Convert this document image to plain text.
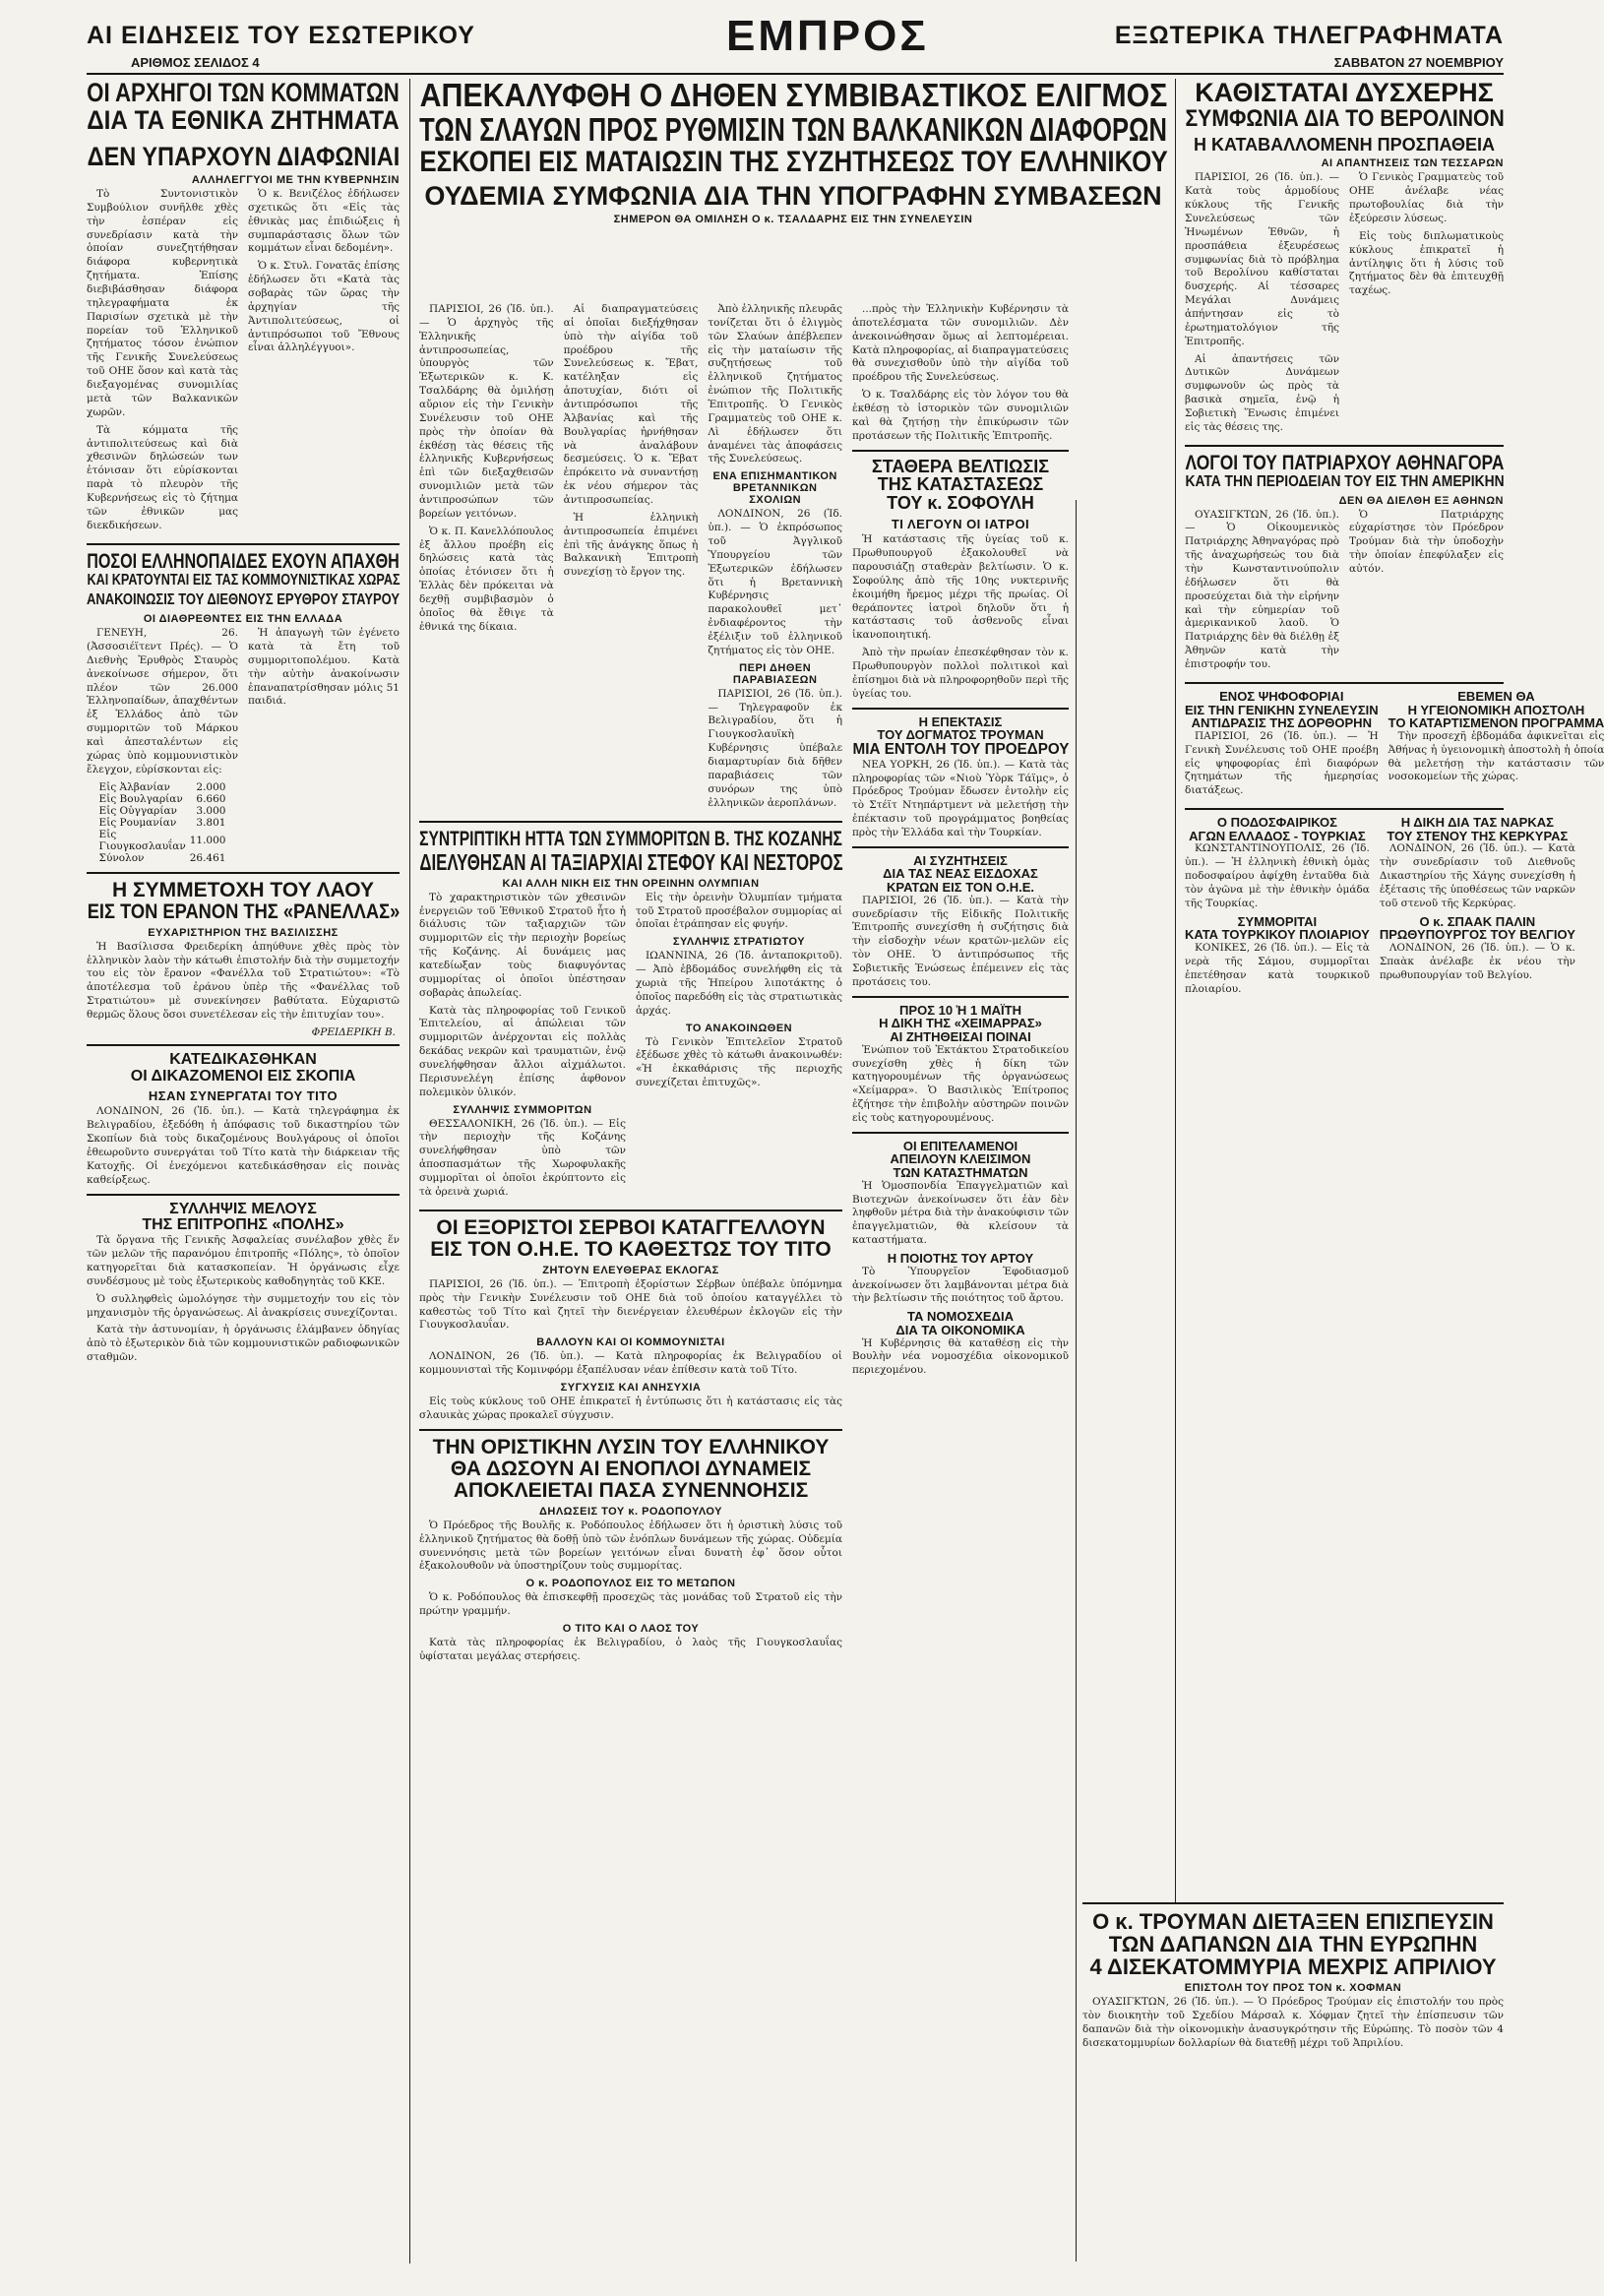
ΑΙ ΕΙΔΗΣΕΙΣ ΤΟΥ ΕΣΩΤΕΡΙΚΟΥ	ΕΜΠΡΟΣ	ΕΞΩΤΕΡΙΚΑ ΤΗΛΕΓΡΑΦΗΜΑΤΑ
ΑΡΙΘΜΟΣ ΣΕΛΙΔΟΣ 4	ΣΑΒΒΑΤΟΝ 27 ΝΟΕΜΒΡΙΟΥ
ΟΙ ΑΡΧΗΓΟΙ ΤΩΝ ΚΟΜΜΑΤΩΝ
ΔΙΑ ΤΑ ΕΘΝΙΚΑ ΖΗΤΗΜΑΤΑ
ΔΕΝ ΥΠΑΡΧΟΥΝ ΔΙΑΦΩΝΙΑΙ
ΑΛΛΗΛΕΓΓΥΟΙ ΜΕ ΤΗΝ ΚΥΒΕΡΝΗΣΙΝ

Τὸ Συντονιστικὸν Συμβούλιον συνῆλθε χθὲς τὴν ἑσπέραν εἰς συνεδρίασιν κατὰ τὴν ὁποίαν συνεζητήθησαν διάφορα κυβερνητικὰ ζητήματα. Ἐπίσης διεβιβάσθησαν διάφορα τηλεγραφήματα ἐκ Παρισίων σχετικὰ μὲ τὴν πορείαν τοῦ Ἑλληνικοῦ ζητήματος τόσον ἐνώπιον τῆς Γενικῆς Συνελεύσεως τοῦ ΟΗΕ ὅσον καὶ κατὰ τὰς διεξαγομένας συνομιλίας μετὰ τῶν Βαλκανικῶν χωρῶν.

Τὰ κόμματα τῆς ἀντιπολιτεύσεως καὶ διὰ χθεσινῶν δηλώσεών των ἐτόνισαν ὅτι εὑρίσκονται παρὰ τὸ πλευρὸν τῆς Κυβερνήσεως εἰς τὸ ζήτημα τῶν ἐθνικῶν μας διεκδικήσεων.

Ὁ κ. Βενιζέλος ἐδήλωσεν σχετικῶς ὅτι «Εἰς τὰς ἐθνικὰς μας ἐπιδιώξεις ἡ συμπαράστασις ὅλων τῶν κομμάτων εἶναι δεδομένη».

Ὁ κ. Στυλ. Γονατᾶς ἐπίσης ἐδήλωσεν ὅτι «Κατὰ τὰς σοβαρὰς τῶν ὥρας τὴν ἀρχηγίαν τῆς Ἀντιπολιτεύσεως, οἱ ἀντιπρόσωποι τοῦ Ἔθνους εἶναι ἀλληλέγγυοι».

ΠΟΣΟΙ ΕΛΛΗΝΟΠΑΙΔΕΣ ΕΧΟΥΝ ΑΠΑΧΘΗ
ΚΑΙ ΚΡΑΤΟΥΝΤΑΙ ΕΙΣ ΤΑΣ ΚΟΜΜΟΥΝΙΣΤΙΚΑΣ ΧΩΡΑΣ
ΑΝΑΚΟΙΝΩΣΙΣ ΤΟΥ ΔΙΕΘΝΟΥΣ ΕΡΥΘΡΟΥ ΣΤΑΥΡΟΥ
ΟΙ ΔΙΑΘΡΕΘΝΤΕΣ ΕΙΣ ΤΗΝ ΕΛΛΑΔΑ

ΓΕΝΕΥΗ, 26. (Ἀσσοσιέϊτεντ Πρές). — Ὁ Διεθνὴς Ἐρυθρὸς Σταυρὸς ἀνεκοίνωσε σήμερον, ὅτι πλέον τῶν 26.000 Ἑλληνοπαίδων, ἀπαχθέντων ἐξ Ἑλλάδος ἀπὸ τῶν συμμοριτῶν τοῦ Μάρκου καὶ ἀπεσταλέντων εἰς χώρας ὑπὸ κομμουνιστικὸν ἔλεγχον, εὑρίσκονται εἰς:

Εἰς Ἀλβανίαν	2.000
Εἰς Βουλγαρίαν	6.660
Εἰς Οὑγγαρίαν	3.000
Εἰς Ρουμανίαν	3.801
Εἰς Γιουγκοσλαυΐαν	11.000
Σύνολον	26.461

Ἡ ἀπαγωγὴ τῶν ἐγένετο κατὰ τὰ ἔτη τοῦ συμμοριτοπολέμου. Κατὰ τὴν αὐτὴν ἀνακοίνωσιν ἐπαναπατρίσθησαν μόλις 51 παιδιά.

Η ΣΥΜΜΕΤΟΧΗ ΤΟΥ ΛΑΟΥ
ΕΙΣ ΤΟΝ ΕΡΑΝΟΝ ΤΗΣ «ΡΑΝΕΛΛΑΣ»
ΕΥΧΑΡΙΣΤΗΡΙΟΝ ΤΗΣ ΒΑΣΙΛΙΣΣΗΣ

Ἡ Βασίλισσα Φρειδερίκη ἀπηύθυνε χθὲς πρὸς τὸν ἑλληνικὸν λαὸν τὴν κάτωθι ἐπιστολήν διὰ τὴν συμμετοχήν του εἰς τὸν ἔρανον «Φανέλλα τοῦ Στρατιώτου»: «Τὸ ἀποτέλεσμα τοῦ ἐράνου ὑπὲρ τῆς «Φανέλλας τοῦ Στρατιώτου» μὲ συνεκίνησεν βαθύτατα. Εὐχαριστῶ θερμῶς ὅλους ὅσοι συνετέλεσαν εἰς τὴν ἐπιτυχίαν του».

ΦΡΕΙΔΕΡΙΚΗ Β.
ΚΑΤΕΔΙΚΑΣΘΗΚΑΝ
ΟΙ ΔΙΚΑΖΟΜΕΝΟΙ ΕΙΣ ΣΚΟΠΙΑ
ΗΣΑΝ ΣΥΝΕΡΓΑΤΑΙ ΤΟΥ ΤΙΤΟ

ΛΟΝΔΙΝΟΝ, 26 (Ἰδ. ὑπ.). — Κατὰ τηλεγράφημα ἐκ Βελιγραδίου, ἐξεδόθη ἡ ἀπόφασις τοῦ δικαστηρίου τῶν Σκοπίων διὰ τοὺς δικαζομένους Βουλγάρους οἱ ὁποῖοι ἐθεωροῦντο συνεργάται τοῦ Τίτο κατὰ τὴν διάρκειαν τῆς Κατοχῆς. Οἱ ἐνεχόμενοι κατεδικάσθησαν εἰς ποινὰς καθείρξεως.

ΣΥΛΛΗΨΙΣ ΜΕΛΟΥΣ
ΤΗΣ ΕΠΙΤΡΟΠΗΣ «ΠΟΛΗΣ»

Τὰ ὄργανα τῆς Γενικῆς Ἀσφαλείας συνέλαβον χθὲς ἕν τῶν μελῶν τῆς παρανόμου ἐπιτροπῆς «Πόλης», τὸ ὁποῖον κατηγορεῖται διὰ κατασκοπείαν. Ἡ ὀργάνωσις εἶχε συνδέσμους μὲ τοὺς ἐξωτερικοὺς καθοδηγητὰς τοῦ ΚΚΕ.

Ὁ συλληφθεὶς ὡμολόγησε τὴν συμμετοχήν του εἰς τὸν μηχανισμὸν τῆς ὀργανώσεως. Αἱ ἀνακρίσεις συνεχίζονται.

Κατὰ τὴν ἀστυνομίαν, ἡ ὀργάνωσις ἐλάμβανεν ὁδηγίας ἀπὸ τὸ ἐξωτερικὸν διὰ τῶν κομμουνιστικῶν ραδιοφωνικῶν σταθμῶν.

ΑΠΕΚΑΛΥΦΘΗ Ο ΔΗΘΕΝ ΣΥΜΒΙΒΑΣΤΙΚΟΣ ΕΛΙΓΜΟΣ
ΤΩΝ ΣΛΑΥΩΝ ΠΡΟΣ ΡΥΘΜΙΣΙΝ ΤΩΝ ΒΑΛΚΑΝΙΚΩΝ ΔΙΑΦΟΡΩΝ
ΕΣΚΟΠΕΙ ΕΙΣ ΜΑΤΑΙΩΣΙΝ ΤΗΣ ΣΥΖΗΤΗΣΕΩΣ ΤΟΥ ΕΛΛΗΝΙΚΟΥ
ΟΥΔΕΜΙΑ ΣΥΜΦΩΝΙΑ ΔΙΑ ΤΗΝ ΥΠΟΓΡΑΦΗΝ ΣΥΜΒΑΣΕΩΝ
ΣΗΜΕΡΟΝ ΘΑ ΟΜΙΛΗΣΗ Ο κ. ΤΣΑΛΔΑΡΗΣ ΕΙΣ ΤΗΝ ΣΥΝΕΛΕΥΣΙΝ

ΠΑΡΙΣΙΟΙ, 26 (Ἰδ. ὑπ.). — Ὁ ἀρχηγὸς τῆς Ἑλληνικῆς ἀντιπροσωπείας, ὑπουργὸς τῶν Ἐξωτερικῶν κ. Κ. Τσαλδάρης θὰ ὁμιλήσῃ αὔριον εἰς τὴν Γενικὴν Συνέλευσιν τοῦ ΟΗΕ πρὸς τὴν ὁποίαν θὰ ἐκθέσῃ τὰς θέσεις τῆς ἑλληνικῆς Κυβερνήσεως ἐπὶ τῶν διεξαχθεισῶν συνομιλιῶν μετὰ τῶν ἀντιπροσώπων τῶν βορείων γειτόνων.

Ὁ κ. Π. Κανελλόπουλος ἐξ ἄλλου προέβη εἰς δηλώσεις κατὰ τὰς ὁποίας ἐτόνισεν ὅτι ἡ Ἑλλὰς δὲν πρόκειται νὰ δεχθῇ συμβιβασμὸν ὁ ὁποῖος θὰ ἔθιγε τὰ ἐθνικά της δίκαια.

Αἱ διαπραγματεύσεις αἱ ὁποῖαι διεξήχθησαν ὑπὸ τὴν αἰγίδα τοῦ προέδρου τῆς Συνελεύσεως κ. Ἔβατ, κατέληξαν εἰς ἀποτυχίαν, διότι οἱ ἀντιπρόσωποι τῆς Ἀλβανίας καὶ τῆς Βουλγαρίας ἠρνήθησαν νὰ ἀναλάβουν δεσμεύσεις. Ὁ κ. Ἔβατ ἐπρόκειτο νὰ συναντήσῃ ἐκ νέου σήμερον τὰς ἀντιπροσωπείας.

Ἡ ἑλληνικὴ ἀντιπροσωπεία ἐπιμένει ἐπὶ τῆς ἀνάγκης ὅπως ἡ Βαλκανικὴ Ἐπιτροπὴ συνεχίσῃ τὸ ἔργον της.

Ἀπὸ ἑλληνικῆς πλευρᾶς τονίζεται ὅτι ὁ ἐλιγμὸς τῶν Σλαύων ἀπέβλεπεν εἰς τὴν ματαίωσιν τῆς συζητήσεως τοῦ ἑλληνικοῦ ζητήματος ἐνώπιον τῆς Πολιτικῆς Ἐπιτροπῆς. Ὁ Γενικὸς Γραμματεὺς τοῦ ΟΗΕ κ. Λὶ ἐδήλωσεν ὅτι ἀναμένει τὰς ἀποφάσεις τῆς Συνελεύσεως.

ΕΝΑ ΕΠΙΣΗΜΑΝΤΙΚΟΝ ΒΡΕΤΑΝΝΙΚΩΝ ΣΧΟΛΙΩΝ

ΛΟΝΔΙΝΟΝ, 26 (Ἰδ. ὑπ.). — Ὁ ἐκπρόσωπος τοῦ Ἀγγλικοῦ Ὑπουργείου τῶν Ἐξωτερικῶν ἐδήλωσεν ὅτι ἡ Βρεταννικὴ Κυβέρνησις παρακολουθεῖ μετ᾽ ἐνδιαφέροντος τὴν ἐξέλιξιν τοῦ ἑλληνικοῦ ζητήματος εἰς τὸν ΟΗΕ.

ΠΕΡΙ ΔΗΘΕΝ ΠΑΡΑΒΙΑΣΕΩΝ

ΠΑΡΙΣΙΟΙ, 26 (Ἰδ. ὑπ.). — Τηλεγραφοῦν ἐκ Βελιγραδίου, ὅτι ἡ Γιουγκοσλαυϊκὴ Κυβέρνησις ὑπέβαλε διαμαρτυρίαν διὰ δῆθεν παραβιάσεις τῶν συνόρων της ὑπὸ ἑλληνικῶν ἀεροπλάνων.

ΣΥΝΤΡΙΠΤΙΚΗ ΗΤΤΑ ΤΩΝ ΣΥΜΜΟΡΙΤΩΝ Β. ΤΗΣ ΚΟΖΑΝΗΣ
ΔΙΕΛΥΘΗΣΑΝ ΑΙ ΤΑΞΙΑΡΧΙΑΙ ΣΤΕΦΟΥ ΚΑΙ ΝΕΣΤΟΡΟΣ
ΚΑΙ ΑΛΛΗ ΝΙΚΗ ΕΙΣ ΤΗΝ ΟΡΕΙΝΗΝ ΟΛΥΜΠΙΑΝ

Τὸ χαρακτηριστικὸν τῶν χθεσινῶν ἐνεργειῶν τοῦ Ἐθνικοῦ Στρατοῦ ἦτο ἡ διάλυσις τῶν ταξιαρχιῶν τῶν συμμοριτῶν εἰς τὴν περιοχὴν βορείως τῆς Κοζάνης. Αἱ δυνάμεις μας κατεδίωξαν τοὺς διαφυγόντας συμμορίτας οἱ ὁποῖοι ὑπέστησαν σοβαρὰς ἀπωλείας.

Κατὰ τὰς πληροφορίας τοῦ Γενικοῦ Ἐπιτελείου, αἱ ἀπώλειαι τῶν συμμοριτῶν ἀνέρχονται εἰς πολλὰς δεκάδας νεκρῶν καὶ τραυματιῶν, ἐνῷ συνελήφθησαν ἄλλοι αἰχμάλωτοι. Περισυνελέγη ἐπίσης ἀφθονον πολεμικὸν ὑλικόν.

ΣΥΛΛΗΨΙΣ ΣΥΜΜΟΡΙΤΩΝ

ΘΕΣΣΑΛΟΝΙΚΗ, 26 (Ἰδ. ὑπ.). — Εἰς τὴν περιοχὴν τῆς Κοζάνης συνελήφθησαν ὑπὸ τῶν ἀποσπασμάτων τῆς Χωροφυλακῆς συμμορῖται οἱ ὁποῖοι ἐκρύπτοντο εἰς τὰ ὀρεινὰ χωριά.

Εἰς τὴν ὀρεινὴν Ὀλυμπίαν τμήματα τοῦ Στρατοῦ προσέβαλον συμμορίας αἱ ὁποῖαι ἐτράπησαν εἰς φυγήν.

ΣΥΛΛΗΨΙΣ ΣΤΡΑΤΙΩΤΟΥ

ΙΩΑΝΝΙΝΑ, 26 (Ἰδ. ἀνταποκριτοῦ). — Ἀπὸ ἑβδομάδος συνελήφθη εἰς τὰ χωριὰ τῆς Ἠπείρου λιποτάκτης ὁ ὁποῖος παρεδόθη εἰς τὰς στρατιωτικὰς ἀρχάς.

ΤΟ ΑΝΑΚΟΙΝΩΘΕΝ

Τὸ Γενικὸν Ἐπιτελεῖον Στρατοῦ ἐξέδωσε χθὲς τὸ κάτωθι ἀνακοινωθέν: «Ἡ ἐκκαθάρισις τῆς περιοχῆς συνεχίζεται ἐπιτυχῶς».

ΟΙ ΕΞΟΡΙΣΤΟΙ ΣΕΡΒΟΙ ΚΑΤΑΓΓΕΛΛΟΥΝ
ΕΙΣ ΤΟΝ Ο.Η.Ε. ΤΟ ΚΑΘΕΣΤΩΣ ΤΟΥ ΤΙΤΟ
ΖΗΤΟΥΝ ΕΛΕΥΘΕΡΑΣ ΕΚΛΟΓΑΣ

ΠΑΡΙΣΙΟΙ, 26 (Ἰδ. ὑπ.). — Ἐπιτροπὴ ἐξορίστων Σέρβων ὑπέβαλε ὑπόμνημα πρὸς τὴν Γενικὴν Συνέλευσιν τοῦ ΟΗΕ διὰ τοῦ ὁποίου καταγγέλλει τὸ καθεστὼς τοῦ Τίτο καὶ ζητεῖ τὴν διενέργειαν ἐλευθέρων ἐκλογῶν εἰς τὴν Γιουγκοσλαυΐαν.

ΒΑΛΛΟΥΝ ΚΑΙ ΟΙ ΚΟΜΜΟΥΝΙΣΤΑΙ

ΛΟΝΔΙΝΟΝ, 26 (Ἰδ. ὑπ.). — Κατὰ πληροφορίας ἐκ Βελιγραδίου οἱ κομμουνισταὶ τῆς Κομινφόρμ ἐξαπέλυσαν νέαν ἐπίθεσιν κατὰ τοῦ Τίτο.

ΣΥΓΧΥΣΙΣ ΚΑΙ ΑΝΗΣΥΧΙΑ

Εἰς τοὺς κύκλους τοῦ ΟΗΕ ἐπικρατεῖ ἡ ἐντύπωσις ὅτι ἡ κατάστασις εἰς τὰς σλαυικὰς χώρας προκαλεῖ σύγχυσιν.

ΤΗΝ ΟΡΙΣΤΙΚΗΝ ΛΥΣΙΝ ΤΟΥ ΕΛΛΗΝΙΚΟΥ
ΘΑ ΔΩΣΟΥΝ ΑΙ ΕΝΟΠΛΟΙ ΔΥΝΑΜΕΙΣ
ΑΠΟΚΛΕΙΕΤΑΙ ΠΑΣΑ ΣΥΝΕΝΝΟΗΣΙΣ
ΔΗΛΩΣΕΙΣ ΤΟΥ κ. ΡΟΔΟΠΟΥΛΟΥ

Ὁ Πρόεδρος τῆς Βουλῆς κ. Ροδόπουλος ἐδήλωσεν ὅτι ἡ ὁριστικὴ λύσις τοῦ ἑλληνικοῦ ζητήματος θὰ δοθῇ ὑπὸ τῶν ἐνόπλων δυνάμεων τῆς χώρας. Οὐδεμία συνεννόησις μετὰ τῶν βορείων γειτόνων εἶναι δυνατὴ ἐφ᾽ ὅσον οὗτοι ἐξακολουθοῦν νὰ ὑποστηρίζουν τοὺς συμμορίτας.

Ο κ. ΡΟΔΟΠΟΥΛΟΣ ΕΙΣ ΤΟ ΜΕΤΩΠΟΝ

Ὁ κ. Ροδόπουλος θὰ ἐπισκεφθῇ προσεχῶς τὰς μονάδας τοῦ Στρατοῦ εἰς τὴν πρώτην γραμμήν.

Ο ΤΙΤΟ ΚΑΙ Ο ΛΑΟΣ ΤΟΥ

Κατὰ τὰς πληροφορίας ἐκ Βελιγραδίου, ὁ λαὸς τῆς Γιουγκοσλαυΐας ὑφίσταται μεγάλας στερήσεις.

...πρὸς τὴν Ἑλληνικὴν Κυβέρνησιν τὰ ἀποτελέσματα τῶν συνομιλιῶν. Δὲν ἀνεκοινώθησαν ὅμως αἱ λεπτομέρειαι. Κατὰ πληροφορίας, αἱ διαπραγματεύσεις θὰ συνεχισθοῦν ὑπὸ τὴν αἰγίδα τοῦ προέδρου τῆς Συνελεύσεως.

Ὁ κ. Τσαλδάρης εἰς τὸν λόγον του θὰ ἐκθέσῃ τὸ ἱστορικὸν τῶν συνομιλιῶν καὶ θὰ ζητήσῃ τὴν ἐπικύρωσιν τῶν προτάσεων τῆς Πολιτικῆς Ἐπιτροπῆς.

ΣΤΑΘΕΡΑ ΒΕΛΤΙΩΣΙΣ
ΤΗΣ ΚΑΤΑΣΤΑΣΕΩΣ
ΤΟΥ κ. ΣΟΦΟΥΛΗ
ΤΙ ΛΕΓΟΥΝ ΟΙ ΙΑΤΡΟΙ

Ἡ κατάστασις τῆς ὑγείας τοῦ κ. Πρωθυπουργοῦ ἐξακολουθεῖ νὰ παρουσιάζῃ σταθερὰν βελτίωσιν. Ὁ κ. Σοφούλης ἀπὸ τῆς 10ης νυκτερινῆς ἐκοιμήθη ἤρεμος μέχρι τῆς πρωίας. Οἱ θεράποντες ἰατροὶ δηλοῦν ὅτι ἡ κατάστασις τοῦ ἀσθενοῦς εἶναι ἱκανοποιητική.

Ἀπὸ τὴν πρωίαν ἐπεσκέφθησαν τὸν κ. Πρωθυπουργὸν πολλοὶ πολιτικοὶ καὶ ἐπίσημοι διὰ νὰ πληροφορηθοῦν περὶ τῆς ὑγείας του.

Η ΕΠΕΚΤΑΣΙΣ
ΤΟΥ ΔΟΓΜΑΤΟΣ ΤΡΟΥΜΑΝ
ΜΙΑ ΕΝΤΟΛΗ ΤΟΥ ΠΡΟΕΔΡΟΥ

ΝΕΑ ΥΟΡΚΗ, 26 (Ἰδ. ὑπ.). — Κατὰ τὰς πληροφορίας τῶν «Νιοὺ Ὑὸρκ Τάϊμς», ὁ Πρόεδρος Τρούμαν ἔδωσεν ἐντολὴν εἰς τὸ Στέϊτ Ντηπάρτμεντ νὰ μελετήσῃ τὴν ἐπέκτασιν τοῦ προγράμματος βοηθείας πρὸς τὴν Ἑλλάδα καὶ τὴν Τουρκίαν.

ΑΙ ΣΥΖΗΤΗΣΕΙΣ
ΔΙΑ ΤΑΣ ΝΕΑΣ ΕΙΣΔΟΧΑΣ
ΚΡΑΤΩΝ ΕΙΣ ΤΟΝ Ο.Η.Ε.

ΠΑΡΙΣΙΟΙ, 26 (Ἰδ. ὑπ.). — Κατὰ τὴν συνεδρίασιν τῆς Εἰδικῆς Πολιτικῆς Ἐπιτροπῆς συνεχίσθη ἡ συζήτησις διὰ τὴν εἰσδοχὴν νέων κρατῶν-μελῶν εἰς τὸν ΟΗΕ. Ὁ ἀντιπρόσωπος τῆς Σοβιετικῆς Ἑνώσεως ἐπέμεινεν εἰς τὰς προτάσεις του.

ΠΡΟΣ 10 Ἡ 1 ΜΑΪΤΗ
Η ΔΙΚΗ ΤΗΣ «ΧΕΙΜΑΡΡΑΣ»
ΑΙ ΖΗΤΗΘΕΙΣΑΙ ΠΟΙΝΑΙ

Ἐνώπιον τοῦ Ἐκτάκτου Στρατοδικείου συνεχίσθη χθὲς ἡ δίκη τῶν κατηγορουμένων τῆς ὀργανώσεως «Χείμαρρα». Ὁ Βασιλικὸς Ἐπίτροπος ἐζήτησε τὴν ἐπιβολὴν αὐστηρῶν ποινῶν εἰς τοὺς κατηγορουμένους.

ΟΙ ΕΠΙΤΕΛΑΜΕΝΟΙ
ΑΠΕΙΛΟΥΝ ΚΛΕΙΣΙΜΟΝ
ΤΩΝ ΚΑΤΑΣΤΗΜΑΤΩΝ

Ἡ Ὁμοσπονδία Ἐπαγγελματιῶν καὶ Βιοτεχνῶν ἀνεκοίνωσεν ὅτι ἐὰν δὲν ληφθοῦν μέτρα διὰ τὴν ἀνακούφισιν τῶν ἐπαγγελματιῶν, θὰ κλείσουν τὰ καταστήματα.

Η ΠΟΙΟΤΗΣ ΤΟΥ ΑΡΤΟΥ

Τὸ Ὑπουργεῖον Ἐφοδιασμοῦ ἀνεκοίνωσεν ὅτι λαμβάνονται μέτρα διὰ τὴν βελτίωσιν τῆς ποιότητος τοῦ ἄρτου.

ΤΑ ΝΟΜΟΣΧΕΔΙΑ
ΔΙΑ ΤΑ ΟΙΚΟΝΟΜΙΚΑ

Ἡ Κυβέρνησις θὰ καταθέσῃ εἰς τὴν Βουλὴν νέα νομοσχέδια οἰκονομικοῦ περιεχομένου.

ΚΑΘΙΣΤΑΤΑΙ ΔΥΣΧΕΡΗΣ
ΣΥΜΦΩΝΙΑ ΔΙΑ ΤΟ ΒΕΡΟΛΙΝΟΝ
Η ΚΑΤΑΒΑΛΛΟΜΕΝΗ ΠΡΟΣΠΑΘΕΙΑ
ΑΙ ΑΠΑΝΤΗΣΕΙΣ ΤΩΝ ΤΕΣΣΑΡΩΝ

ΠΑΡΙΣΙΟΙ, 26 (Ἰδ. ὑπ.). — Κατὰ τοὺς ἁρμοδίους κύκλους τῆς Γενικῆς Συνελεύσεως τῶν Ἡνωμένων Ἐθνῶν, ἡ προσπάθεια ἐξευρέσεως συμφωνίας διὰ τὸ πρόβλημα τοῦ Βερολίνου καθίσταται δυσχερής. Αἱ τέσσαρες Μεγάλαι Δυνάμεις ἀπήντησαν εἰς τὸ ἐρωτηματολόγιον τῆς Ἐπιτροπῆς.

Αἱ ἀπαντήσεις τῶν Δυτικῶν Δυνάμεων συμφωνοῦν ὡς πρὸς τὰ βασικὰ σημεῖα, ἐνῷ ἡ Σοβιετικὴ Ἕνωσις ἐπιμένει εἰς τὰς θέσεις της.

Ὁ Γενικὸς Γραμματεὺς τοῦ ΟΗΕ ἀνέλαβε νέας πρωτοβουλίας διὰ τὴν ἐξεύρεσιν λύσεως.

Εἰς τοὺς διπλωματικοὺς κύκλους ἐπικρατεῖ ἡ ἀντίληψις ὅτι ἡ λύσις τοῦ ζητήματος δὲν θὰ ἐπιτευχθῇ ταχέως.

ΛΟΓΟΙ ΤΟΥ ΠΑΤΡΙΑΡΧΟΥ ΑΘΗΝΑΓΟΡΑ
ΚΑΤΑ ΤΗΝ ΠΕΡΙΟΔΕΙΑΝ ΤΟΥ ΕΙΣ ΤΗΝ ΑΜΕΡΙΚΗΝ
ΔΕΝ ΘΑ ΔΙΕΛΘΗ ΕΞ ΑΘΗΝΩΝ

ΟΥΑΣΙΓΚΤΩΝ, 26 (Ἰδ. ὑπ.). — Ὁ Οἰκουμενικὸς Πατριάρχης Ἀθηναγόρας πρὸ τῆς ἀναχωρήσεώς του διὰ τὴν Κωνσταντινούπολιν ἐδήλωσεν ὅτι θὰ προσεύχεται διὰ τὴν εἰρήνην καὶ τὴν εὐημερίαν τοῦ ἀμερικανικοῦ λαοῦ. Ὁ Πατριάρχης δὲν θὰ διέλθῃ ἐξ Ἀθηνῶν κατὰ τὴν ἐπιστροφήν του.

Ὁ Πατριάρχης εὐχαρίστησε τὸν Πρόεδρον Τρούμαν διὰ τὴν ὑποδοχὴν τὴν ὁποίαν ἐπεφύλαξεν εἰς αὐτόν.

ΕΝΟΣ ΨΗΦΟΦΟΡΙΑΙ
ΕΙΣ ΤΗΝ ΓΕΝΙΚΗΝ ΣΥΝΕΛΕΥΣΙΝ
ΑΝΤΙΔΡΑΣΙΣ ΤΗΣ ΔΟΡΘΟΡΗΝ

ΠΑΡΙΣΙΟΙ, 26 (Ἰδ. ὑπ.). — Ἡ Γενικὴ Συνέλευσις τοῦ ΟΗΕ προέβη εἰς ψηφοφορίας ἐπὶ διαφόρων ζητημάτων τῆς ἡμερησίας διατάξεως.

ΕΒΕΜΕΝ ΘΑ
Η ΥΓΕΙΟΝΟΜΙΚΗ ΑΠΟΣΤΟΛΗ
ΤΟ ΚΑΤΑΡΤΙΣΜΕΝΟΝ ΠΡΟΓΡΑΜΜΑ

Τὴν προσεχῆ ἑβδομάδα ἀφικνεῖται εἰς Ἀθήνας ἡ ὑγειονομικὴ ἀποστολὴ ἡ ὁποία θὰ μελετήσῃ τὴν κατάστασιν τῶν νοσοκομείων τῆς χώρας.

Ο ΠΟΔΟΣΦΑΙΡΙΚΟΣ
ΑΓΩΝ ΕΛΛΑΔΟΣ - ΤΟΥΡΚΙΑΣ

ΚΩΝΣΤΑΝΤΙΝΟΥΠΟΛΙΣ, 26 (Ἰδ. ὑπ.). — Ἡ ἑλληνικὴ ἐθνικὴ ὁμὰς ποδοσφαίρου ἀφίχθη ἐνταῦθα διὰ τὸν ἀγῶνα μὲ τὴν ἐθνικὴν ὁμάδα τῆς Τουρκίας.

ΣΥΜΜΟΡΙΤΑΙ
ΚΑΤΑ ΤΟΥΡΚΙΚΟΥ ΠΛΟΙΑΡΙΟΥ

ΚΟΝΙΚΕΣ, 26 (Ἰδ. ὑπ.). — Εἰς τὰ νερὰ τῆς Σάμου, συμμορῖται ἐπετέθησαν κατὰ τουρκικοῦ πλοιαρίου.

Η ΔΙΚΗ ΔΙΑ ΤΑΣ ΝΑΡΚΑΣ
ΤΟΥ ΣΤΕΝΟΥ ΤΗΣ ΚΕΡΚΥΡΑΣ

ΛΟΝΔΙΝΟΝ, 26 (Ἰδ. ὑπ.). — Κατὰ τὴν συνεδρίασιν τοῦ Διεθνοῦς Δικαστηρίου τῆς Χάγης συνεχίσθη ἡ ἐξέτασις τῆς ὑποθέσεως τῶν ναρκῶν τοῦ στενοῦ τῆς Κερκύρας.

Ο κ. ΣΠΑΑΚ ΠΑΛΙΝ
ΠΡΩΘΥΠΟΥΡΓΟΣ ΤΟΥ ΒΕΛΓΙΟΥ

ΛΟΝΔΙΝΟΝ, 26 (Ἰδ. ὑπ.). — Ὁ κ. Σπαὰκ ἀνέλαβε ἐκ νέου τὴν πρωθυπουργίαν τοῦ Βελγίου.

Ο κ. ΤΡΟΥΜΑΝ ΔΙΕΤΑΞΕΝ ΕΠΙΣΠΕΥΣΙΝ
ΤΩΝ ΔΑΠΑΝΩΝ ΔΙΑ ΤΗΝ ΕΥΡΩΠΗΝ
4 ΔΙΣΕΚΑΤΟΜΜΥΡΙΑ ΜΕΧΡΙΣ ΑΠΡΙΛΙΟΥ
ΕΠΙΣΤΟΛΗ ΤΟΥ ΠΡΟΣ ΤΟΝ κ. ΧΟΦΜΑΝ

ΟΥΑΣΙΓΚΤΩΝ, 26 (Ἰδ. ὑπ.). — Ὁ Πρόεδρος Τρούμαν εἰς ἐπιστολήν του πρὸς τὸν διοικητὴν τοῦ Σχεδίου Μάρσαλ κ. Χόφμαν ζητεῖ τὴν ἐπίσπευσιν τῶν δαπανῶν διὰ τὴν οἰκονομικὴν ἀνασυγκρότησιν τῆς Εὐρώπης. Τὸ ποσὸν τῶν 4 δισεκατομμυρίων δολλαρίων θὰ διατεθῇ μέχρι τοῦ Ἀπριλίου.
